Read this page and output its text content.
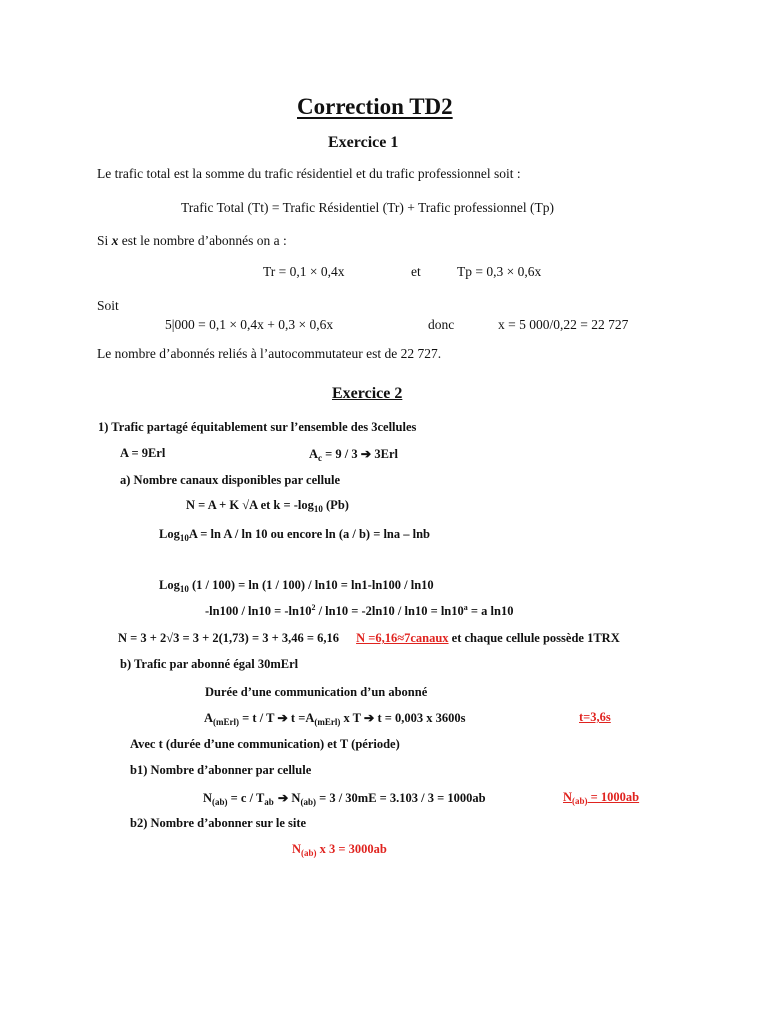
Correction TD2
Exercice 1
Le trafic total est la somme du trafic résidentiel et du trafic professionnel soit :
Trafic Total (Tt) = Trafic Résidentiel (Tr) + Trafic professionnel (Tp)
Si x est le nombre d’abonnés on a :
Tr = 0,1 × 0,4x	et	Tp = 0,3 × 0,6x
Soit
5|000 = 0,1 × 0,4x + 0,3 × 0,6x	donc	x = 5 000/0,22 = 22 727
Le nombre d’abonnés reliés à l’autocommutateur est de 22 727.
Exercice 2
1) Trafic partagé équitablement sur l’ensemble des 3cellules
A = 9Erl	$A_c = 9 / 3$ ➔ 3Erl
a) Nombre canaux disponibles par cellule
N = A + K √A et $k = -\log_{10}$ (Pb)
Log$_{10}$A = ln A / ln 10 ou encore ln (a / b) = lna – lnb
Log$_{10}$ (1 / 100) = ln (1 / 100) / ln10 = ln1-ln100 / ln10
$-\ln 100 / \ln 10 = -\ln 10^2 / \ln 10 = -2\ln 10 / \ln 10 = \ln 10^a = a$ ln10
N = 3 + 2√3 = 3 + 2(1,73) = 3 + 3,46 = 6,16 N =6,16≈7canaux et chaque cellule possède 1TRX
b) Trafic par abonné égal 30mErl
Durée d’une communication d’un abonné
$A_{(mErl)} = t / T$ ➔ $t =A_{(mErl)}$ x T ➔ t = 0,003 x 3600s	t=3,6s
Avec t (durée d’une communication) et T (période)
b1) Nombre d’abonner par cellule
$N_{(ab)} = c / T_{ab}$ ➔ $N_{(ab)} = 3 / 30mE = 3.103 / 3 = 1000ab$	$N_{(ab)} = 1000ab$
b2) Nombre d’abonner sur le site
$N_{(ab)}$ x 3 = 3000ab
